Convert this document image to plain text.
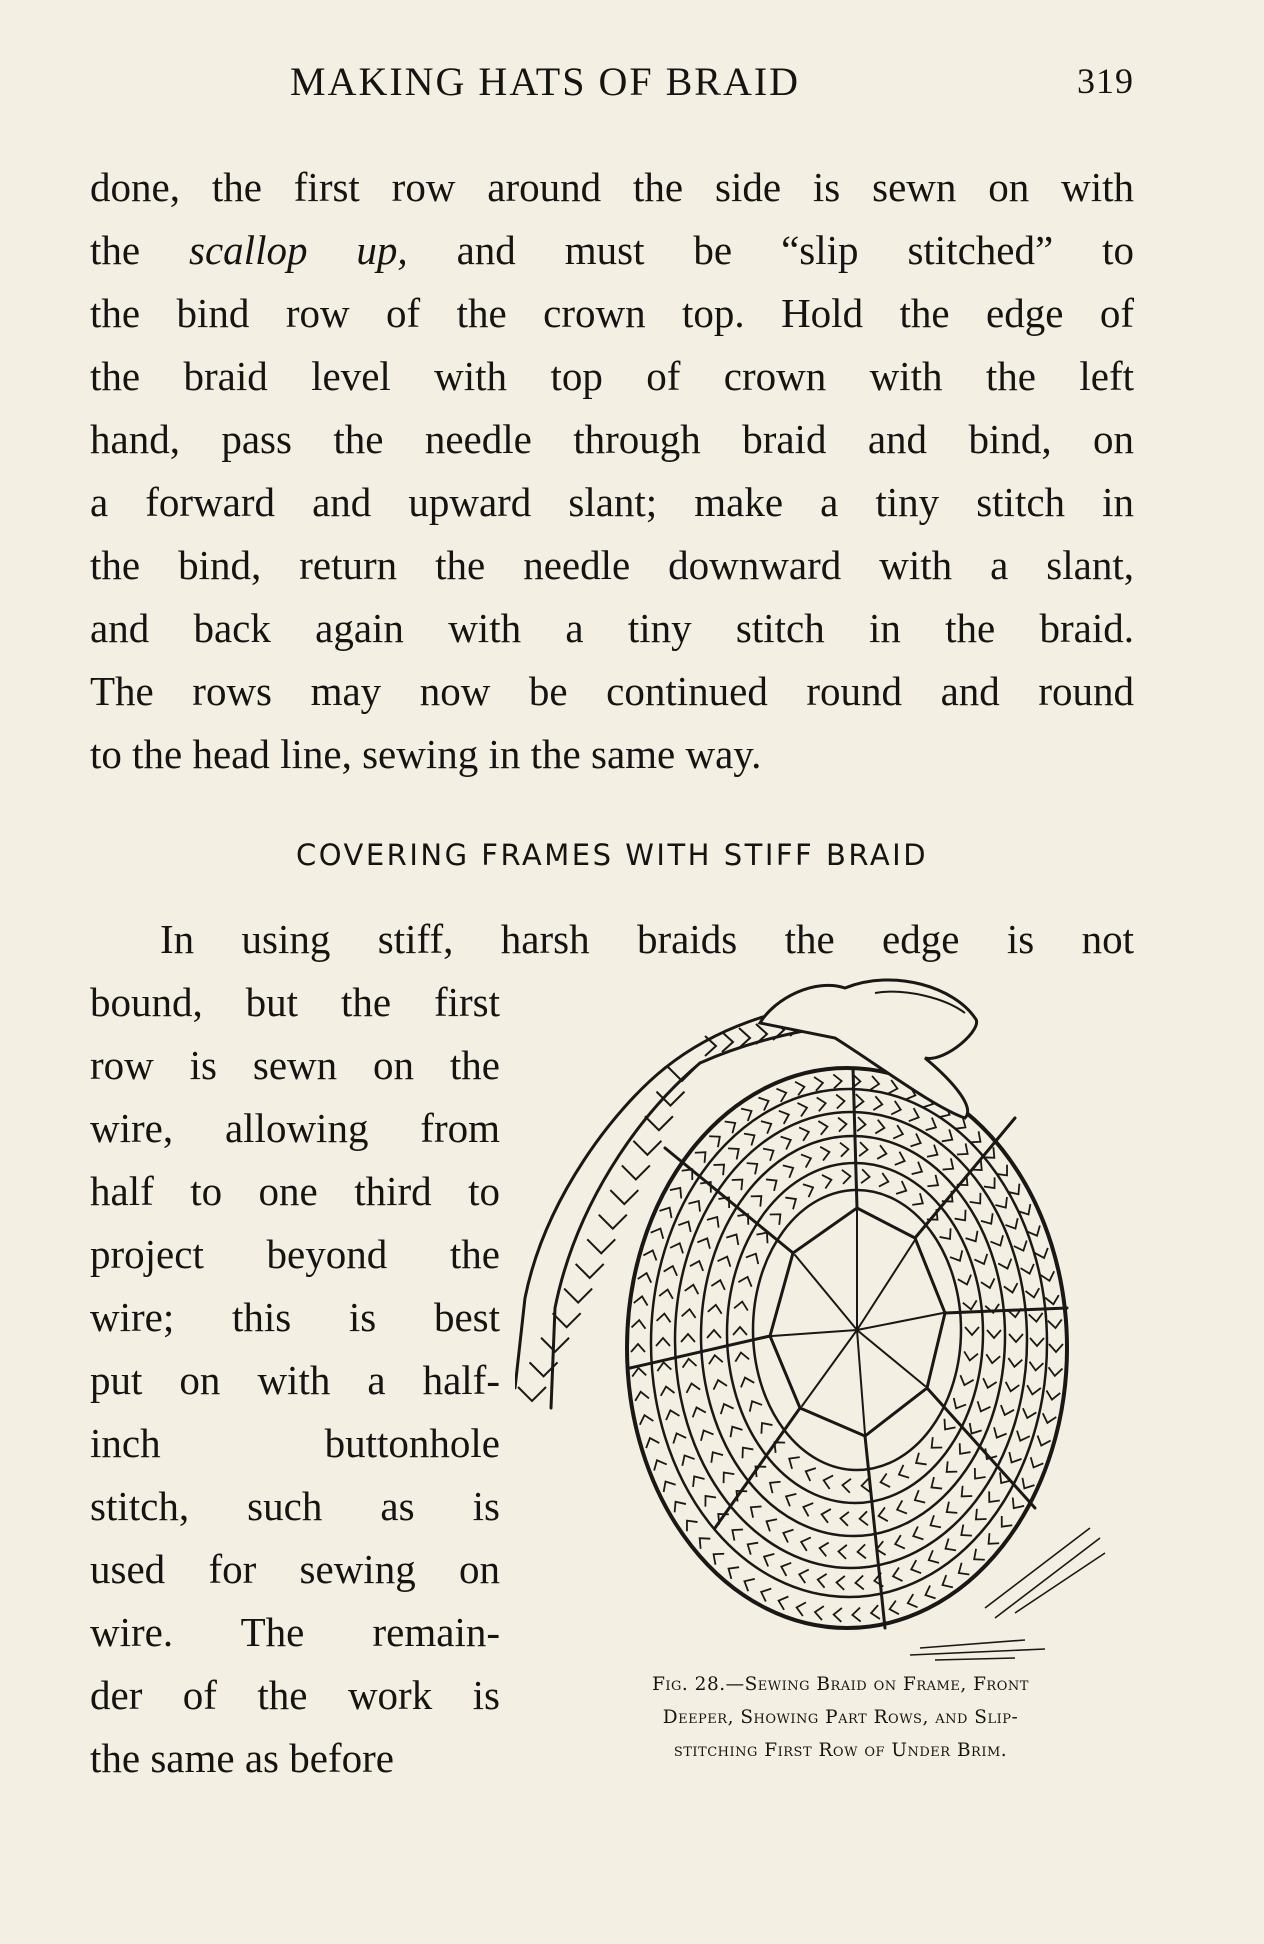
MAKING HATS OF BRAID	319
done, the first row around the side is sewn on with
the scallop up, and must be “slip stitched” to
the bind row of the crown top. Hold the edge of
the braid level with top of crown with the left
hand, pass the needle through braid and bind, on
a forward and upward slant; make a tiny stitch in
the bind, return the needle downward with a slant,
and back again with a tiny stitch in the braid.
The rows may now be continued round and round
to the head line, sewing in the same way.
COVERING FRAMES WITH STIFF BRAID
In using stiff, harsh braids the edge is not
bound, but the first
row is sewn on the
wire, allowing from
half to one third to
project beyond the
wire; this is best
put on with a half-
inch buttonhole
stitch, such as is
used for sewing on
wire. The remain-
der of the work is
the same as before
Fig. 28.—Sewing Braid on Frame, Front
Deeper, Showing Part Rows, and Slip-
stitching First Row of Under Brim.
